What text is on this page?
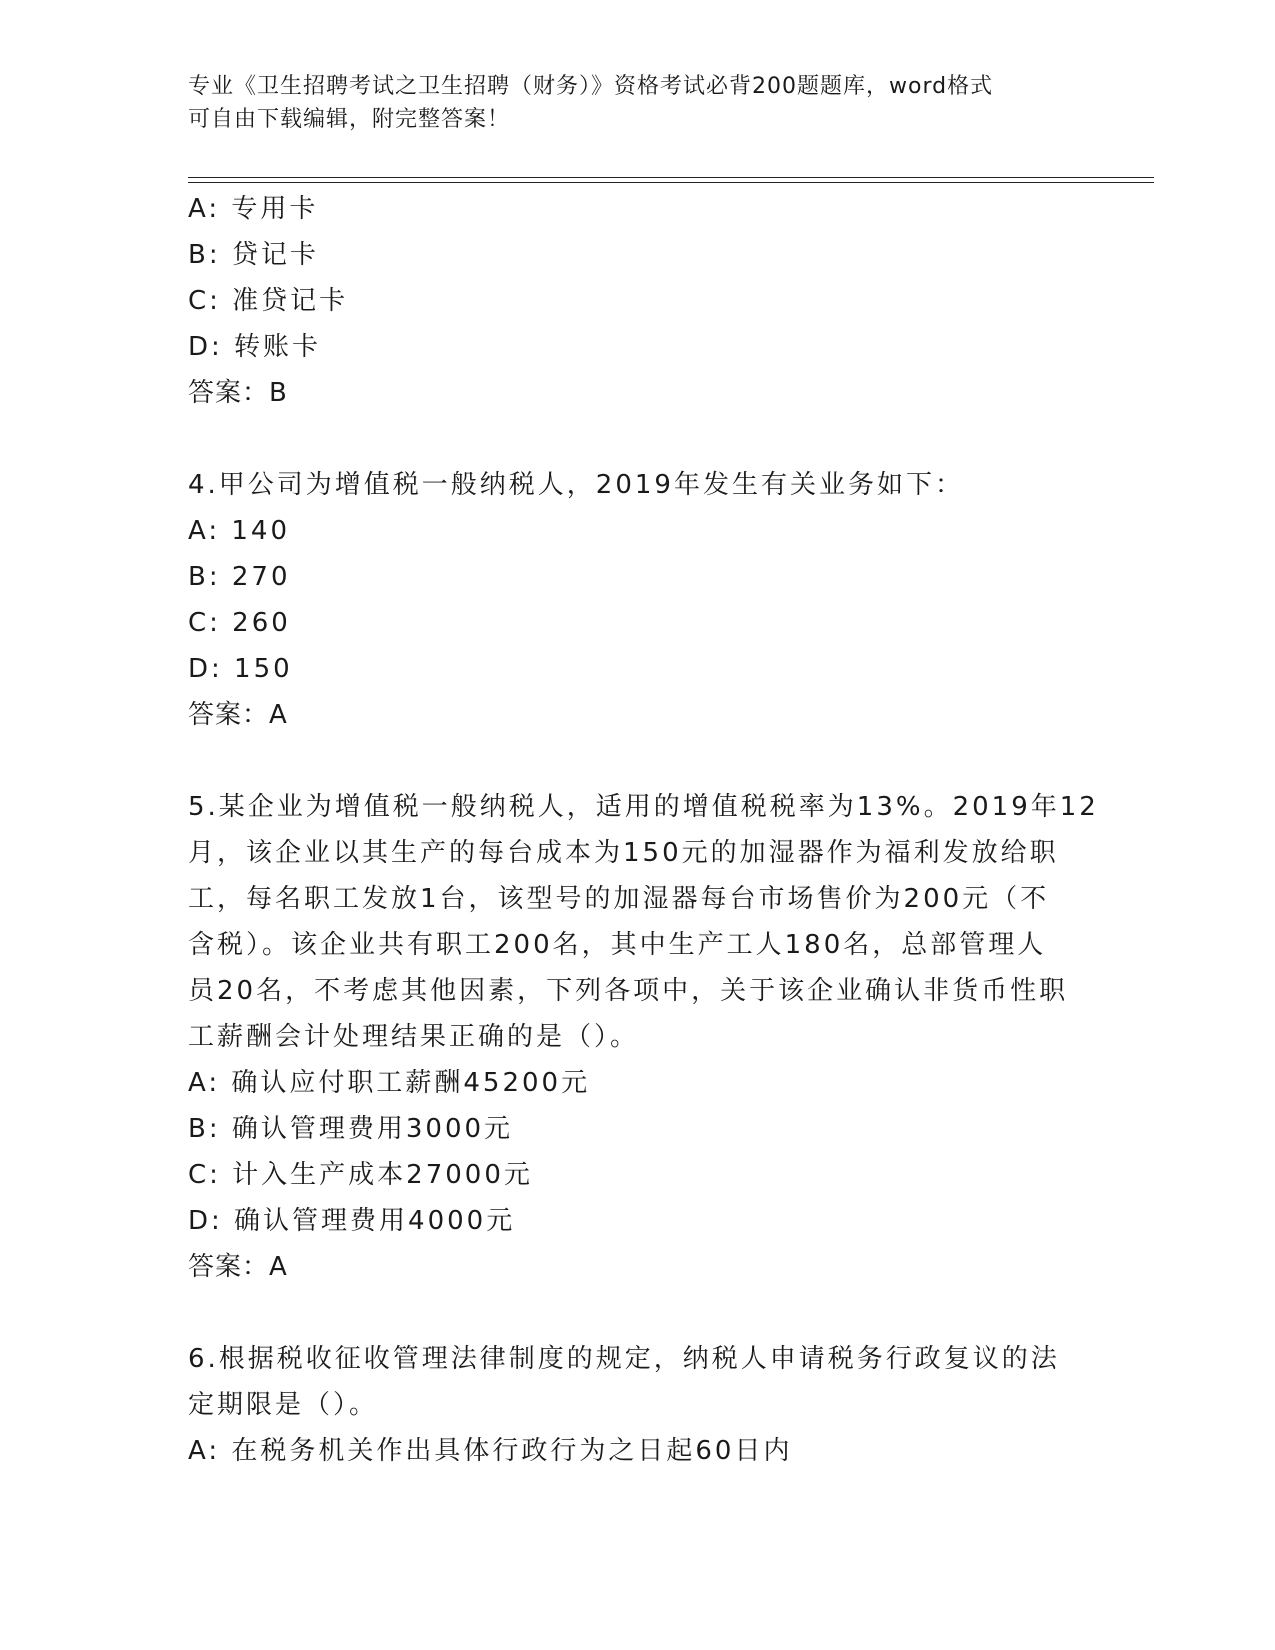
专业《卫生招聘考试之卫生招聘（财务）》资格考试必背200题题库，word格式
可自由下载编辑，附完整答案！
A: 专用卡
B: 贷记卡
C: 准贷记卡
D: 转账卡
答案：B
4.甲公司为增值税一般纳税人，2019年发生有关业务如下：
A: 140
B: 270
C: 260
D: 150
答案：A
5.某企业为增值税一般纳税人，适用的增值税税率为13%。2019年12
月，该企业以其生产的每台成本为150元的加湿器作为福利发放给职
工，每名职工发放1台，该型号的加湿器每台市场售价为200元（不
含税）。该企业共有职工200名，其中生产工人180名，总部管理人
员20名，不考虑其他因素，下列各项中，关于该企业确认非货币性职
工薪酬会计处理结果正确的是（）。
A: 确认应付职工薪酬45200元
B: 确认管理费用3000元
C: 计入生产成本27000元
D: 确认管理费用4000元
答案：A
6.根据税收征收管理法律制度的规定，纳税人申请税务行政复议的法
定期限是（）。
A: 在税务机关作出具体行政行为之日起60日内
